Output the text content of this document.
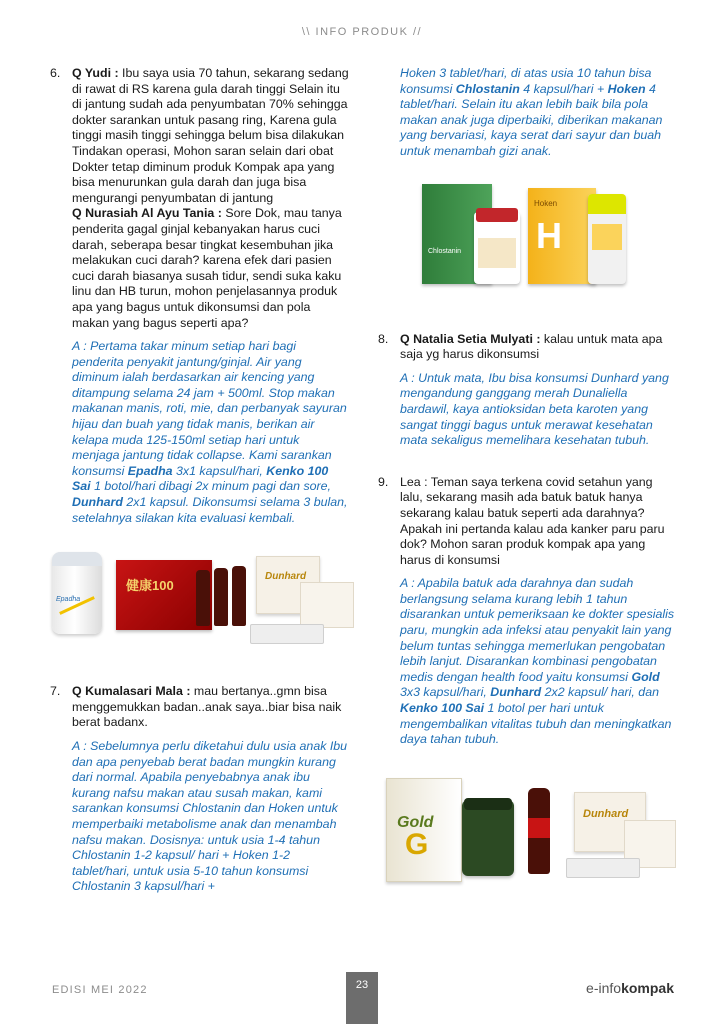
\\ INFO PRODUK //
6. Q Yudi : Ibu saya usia 70 tahun, sekarang sedang di rawat di RS karena gula darah tinggi Selain itu di jantung sudah ada penyumbatan 70% sehingga dokter sarankan untuk pasang ring, Karena gula tinggi masih tinggi sehingga belum bisa dilakukan Tindakan operasi, Mohon saran selain dari obat Dokter tetap diminum produk Kompak apa yang bisa menurunkan gula darah dan juga bisa mengurangi penyumbatan di jantung
Q Nurasiah Al Ayu Tania : Sore Dok, mau tanya penderita gagal ginjal kebanyakan harus cuci darah, seberapa besar tingkat kesembuhan jika melakukan cuci darah? karena efek dari pasien cuci darah biasanya susah tidur, sendi suka kaku linu dan HB turun, mohon penjelasannya produk apa yang bagus untuk dikonsumsi dan pola makan yang bagus seperti apa?
A : Pertama takar minum setiap hari bagi penderita penyakit jantung/ginjal. Air yang diminum ialah berdasarkan air kencing yang ditampung selama 24 jam + 500ml. Stop makan makanan manis, roti, mie, dan perbanyak sayuran hijau dan buah yang tidak manis, berikan air kelapa muda 125-150ml setiap hari untuk menjaga jantung tidak collapse. Kami sarankan konsumsi Epadha 3x1 kapsul/hari, Kenko 100 Sai 1 botol/hari dibagi 2x minum pagi dan sore, Dunhard 2x1 kapsul. Dikonsumsi selama 3 bulan, setelahnya silakan kita evaluasi kembali.
Epadha
健康100
Dunhard
7. Q Kumalasari Mala : mau bertanya..gmn bisa menggemukkan badan..anak saya..biar bisa naik berat badanx.
A : Sebelumnya perlu diketahui dulu usia anak Ibu dan apa penyebab berat badan mungkin kurang dari normal. Apabila penyebabnya anak ibu kurang nafsu makan atau susah makan, kami sarankan konsumsi Chlostanin dan Hoken untuk memperbaiki metabolisme anak dan menambah nafsu makan. Dosisnya: untuk usia 1-4 tahun Chlostanin 1-2 kapsul/ hari + Hoken 1-2 tablet/hari, untuk usia 5-10 tahun konsumsi Chlostanin 3 kapsul/hari +
Hoken 3 tablet/hari, di atas usia 10 tahun bisa konsumsi Chlostanin 4 kapsul/hari + Hoken 4 tablet/hari. Selain itu akan lebih baik bila pola makan anak juga diperbaiki, diberikan makanan yang bervariasi, kaya serat dari sayur dan buah untuk menambah gizi anak.
Chlostanin
Hoken
H
8. Q Natalia Setia Mulyati : kalau untuk mata apa saja yg harus dikonsumsi
A : Untuk mata, Ibu bisa konsumsi Dunhard yang mengandung ganggang merah Dunaliella bardawil, kaya antioksidan beta karoten yang sangat tinggi bagus untuk merawat kesehatan mata sekaligus memelihara kesehatan tubuh.
9. Lea : Teman saya terkena covid setahun yang lalu, sekarang masih ada batuk batuk hanya sekarang kalau batuk seperti ada darahnya? Apakah ini pertanda kalau ada kanker paru paru dok? Mohon saran produk kompak apa yang harus di konsumsi
A : Apabila batuk ada darahnya dan sudah berlangsung selama kurang lebih 1 tahun disarankan untuk pemeriksaan ke dokter spesialis paru, mungkin ada infeksi atau penyakit lain yang belum tuntas sehingga memerlukan pengobatan lebih lanjut. Disarankan kombinasi pengobatan medis dengan health food yaitu konsumsi Gold 3x3 kapsul/hari, Dunhard 2x2 kapsul/ hari, dan Kenko 100 Sai 1 botol per hari untuk mengembalikan vitalitas tubuh dan meningkatkan daya tahan tubuh.
Gold
G
Dunhard
EDISI MEI 2022	23	e-infokompak
